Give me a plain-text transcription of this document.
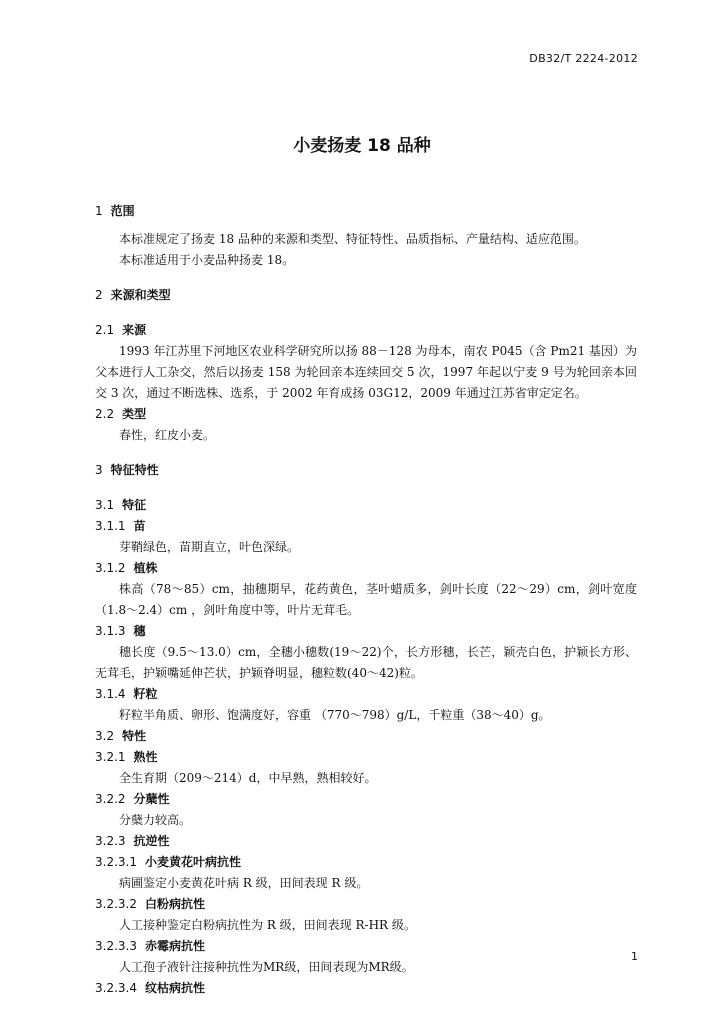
DB32/T 2224-2012
小麦扬麦 18 品种
1 范围

本标准规定了扬麦 18 品种的来源和类型、特征特性、品质指标、产量结构、适应范围。

本标准适用于小麦品种扬麦 18。

2 来源和类型
2.1 来源

1993 年江苏里下河地区农业科学研究所以扬 88－128 为母本，南农 P045（含 Pm21 基因）为父本进行人工杂交，然后以扬麦 158 为轮回亲本连续回交 5 次，1997 年起以宁麦 9 号为轮回亲本回交 3 次，通过不断选株、选系，于 2002 年育成扬 03G12，2009 年通过江苏省审定定名。

2.2 类型

春性，红皮小麦。

3 特征特性
3.1 特征
3.1.1 苗

芽鞘绿色，苗期直立，叶色深绿。

3.1.2 植株

株高（78～85）cm，抽穗期早，花药黄色，茎叶蜡质多，剑叶长度（22～29）cm，剑叶宽度（1.8～2.4）cm ，剑叶角度中等，叶片无茸毛。

3.1.3 穗

穗长度（9.5～13.0）cm，全穗小穗数(19～22)个，长方形穗，长芒，颖壳白色，护颖长方形、无茸毛，护颖嘴延伸芒状，护颖脊明显，穗粒数(40～42)粒。

3.1.4 籽粒

籽粒半角质、卵形、饱满度好，容重 （770～798）g/L，千粒重（38～40）g。

3.2 特性
3.2.1 熟性

全生育期（209～214）d，中早熟，熟相较好。

3.2.2 分蘖性

分蘖力较高。

3.2.3 抗逆性
3.2.3.1 小麦黄花叶病抗性

病圃鉴定小麦黄花叶病 R 级，田间表现 R 级。

3.2.3.2 白粉病抗性

人工接种鉴定白粉病抗性为 R 级，田间表现 R-HR 级。

3.2.3.3 赤霉病抗性

人工孢子液针注接种抗性为MR级，田间表现为MR级。

3.2.3.4 纹枯病抗性
1
